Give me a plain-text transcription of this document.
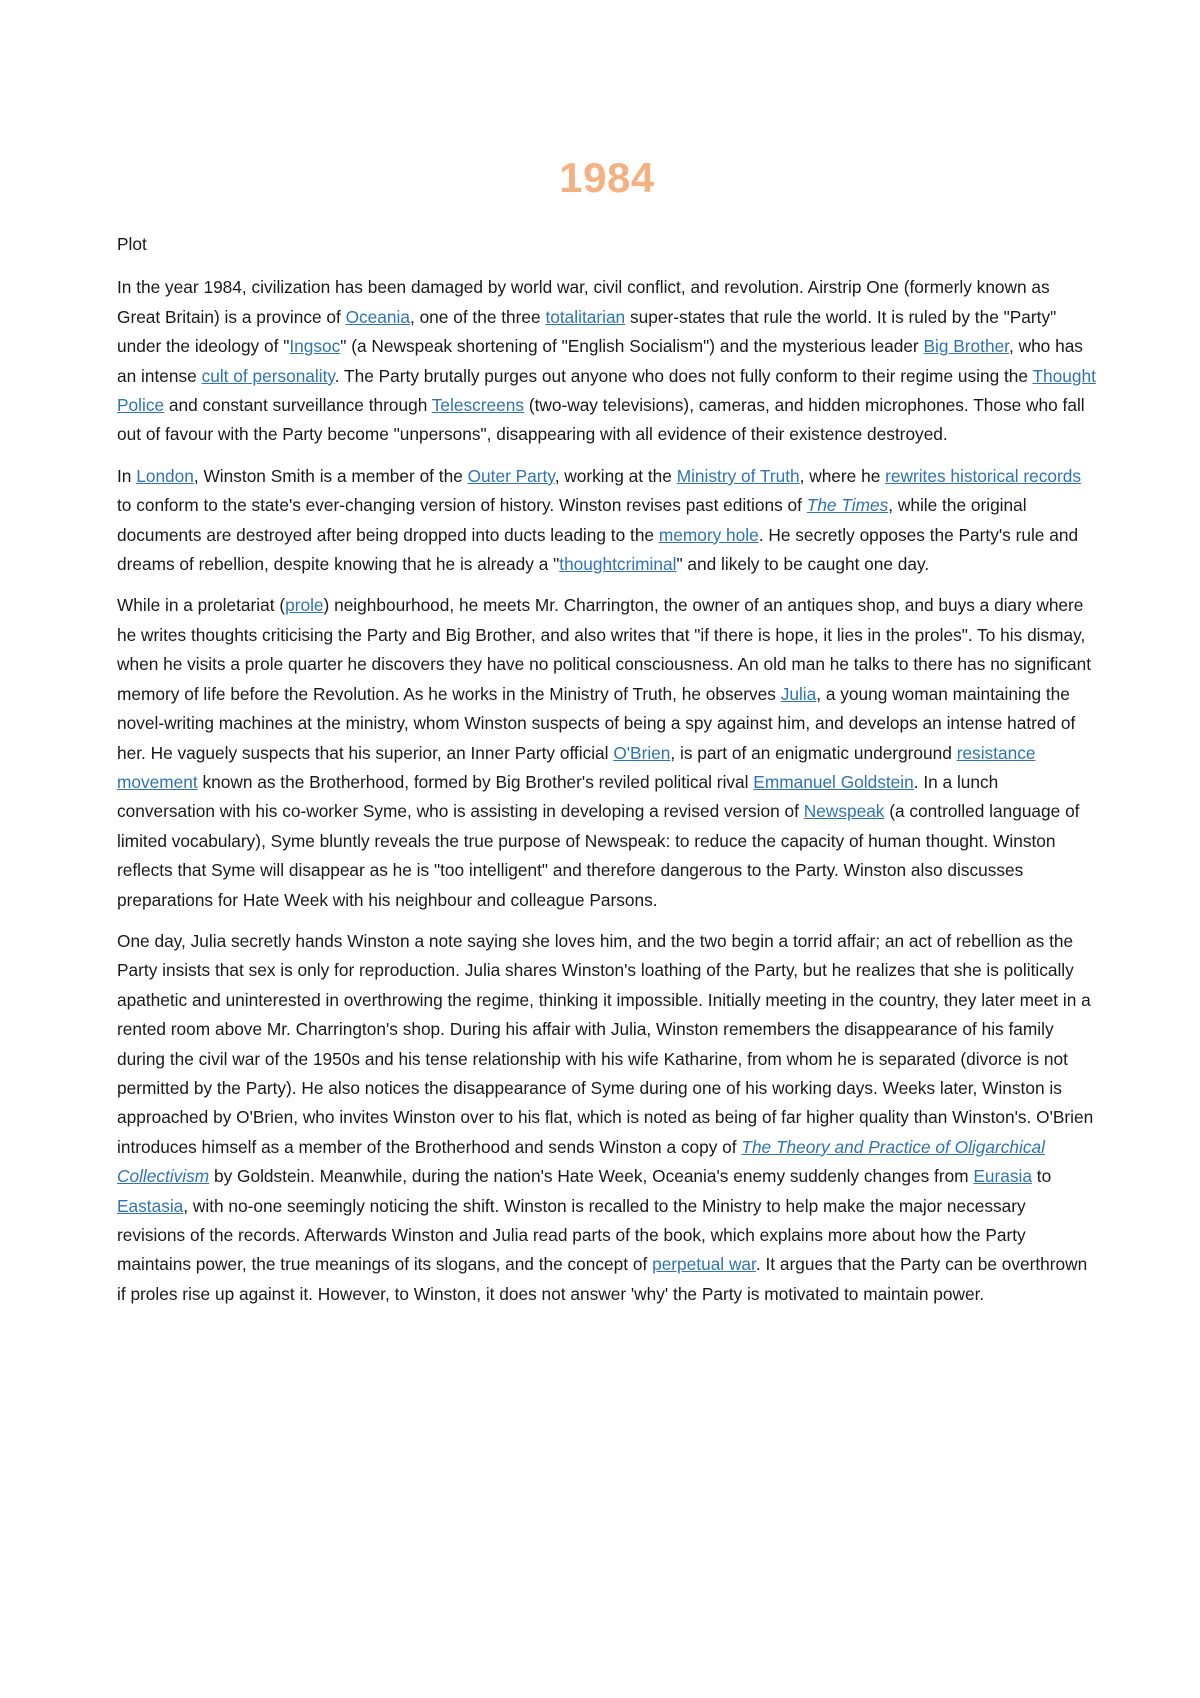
1984
Plot

In the year 1984, civilization has been damaged by world war, civil conflict, and revolution. Airstrip One (formerly known as Great Britain) is a province of Oceania, one of the three totalitarian super-states that rule the world. It is ruled by the "Party" under the ideology of "Ingsoc" (a Newspeak shortening of "English Socialism") and the mysterious leader Big Brother, who has an intense cult of personality. The Party brutally purges out anyone who does not fully conform to their regime using the Thought Police and constant surveillance through Telescreens (two-way televisions), cameras, and hidden microphones. Those who fall out of favour with the Party become "unpersons", disappearing with all evidence of their existence destroyed.

In London, Winston Smith is a member of the Outer Party, working at the Ministry of Truth, where he rewrites historical records to conform to the state's ever-changing version of history. Winston revises past editions of The Times, while the original documents are destroyed after being dropped into ducts leading to the memory hole. He secretly opposes the Party's rule and dreams of rebellion, despite knowing that he is already a "thoughtcriminal" and likely to be caught one day.

While in a proletariat (prole) neighbourhood, he meets Mr. Charrington, the owner of an antiques shop, and buys a diary where he writes thoughts criticising the Party and Big Brother, and also writes that "if there is hope, it lies in the proles". To his dismay, when he visits a prole quarter he discovers they have no political consciousness. An old man he talks to there has no significant memory of life before the Revolution. As he works in the Ministry of Truth, he observes Julia, a young woman maintaining the novel-writing machines at the ministry, whom Winston suspects of being a spy against him, and develops an intense hatred of her. He vaguely suspects that his superior, an Inner Party official O'Brien, is part of an enigmatic underground resistance movement known as the Brotherhood, formed by Big Brother's reviled political rival Emmanuel Goldstein. In a lunch conversation with his co-worker Syme, who is assisting in developing a revised version of Newspeak (a controlled language of limited vocabulary), Syme bluntly reveals the true purpose of Newspeak: to reduce the capacity of human thought. Winston reflects that Syme will disappear as he is "too intelligent" and therefore dangerous to the Party. Winston also discusses preparations for Hate Week with his neighbour and colleague Parsons.

One day, Julia secretly hands Winston a note saying she loves him, and the two begin a torrid affair; an act of rebellion as the Party insists that sex is only for reproduction. Julia shares Winston's loathing of the Party, but he realizes that she is politically apathetic and uninterested in overthrowing the regime, thinking it impossible. Initially meeting in the country, they later meet in a rented room above Mr. Charrington's shop. During his affair with Julia, Winston remembers the disappearance of his family during the civil war of the 1950s and his tense relationship with his wife Katharine, from whom he is separated (divorce is not permitted by the Party). He also notices the disappearance of Syme during one of his working days. Weeks later, Winston is approached by O'Brien, who invites Winston over to his flat, which is noted as being of far higher quality than Winston's. O'Brien introduces himself as a member of the Brotherhood and sends Winston a copy of The Theory and Practice of Oligarchical Collectivism by Goldstein. Meanwhile, during the nation's Hate Week, Oceania's enemy suddenly changes from Eurasia to Eastasia, with no-one seemingly noticing the shift. Winston is recalled to the Ministry to help make the major necessary revisions of the records. Afterwards Winston and Julia read parts of the book, which explains more about how the Party maintains power, the true meanings of its slogans, and the concept of perpetual war. It argues that the Party can be overthrown if proles rise up against it. However, to Winston, it does not answer 'why' the Party is motivated to maintain power.
